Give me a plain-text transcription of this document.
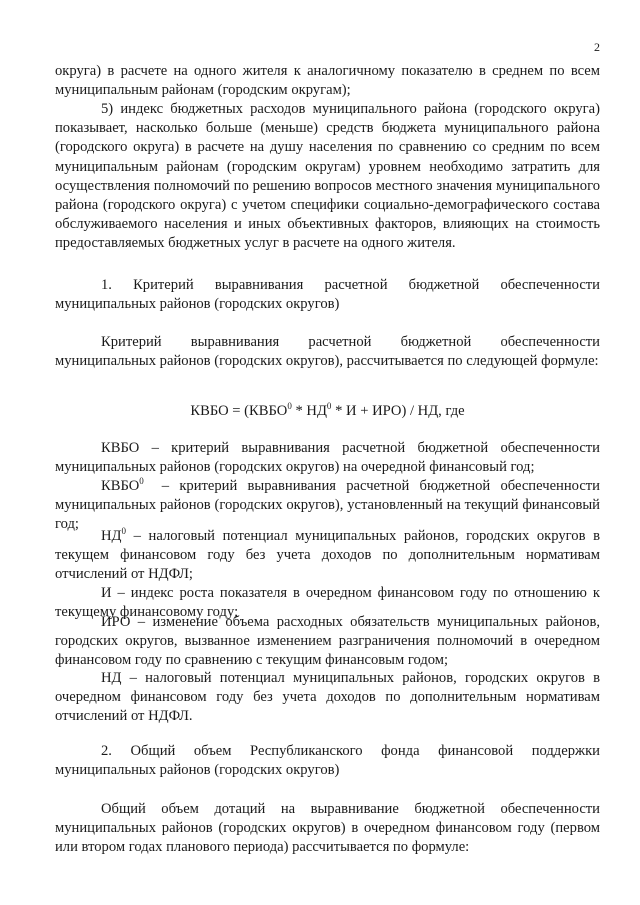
2

округа) в расчете на одного жителя к аналогичному показателю в среднем по всем муниципальным районам (городским округам);

5) индекс бюджетных расходов муниципального района (городского округа) показывает, насколько больше (меньше) средств бюджета муниципального района (городского округа) в расчете на душу населения по сравнению со средним по всем муниципальным районам (городским округам) уровнем необходимо затратить для осуществления полномочий по решению вопросов местного значения муниципального района (городского округа) с учетом специфики социально-демографического состава обслуживаемого населения и иных объективных факторов, влияющих на стоимость предоставляемых бюджетных услуг в расчете на одного жителя.

1. Критерий выравнивания расчетной бюджетной обеспеченности муниципальных районов (городских округов)

Критерий выравнивания расчетной бюджетной обеспеченности муниципальных районов (городских округов), рассчитывается по следующей формуле:

КВБО = $(КВБО^0 * НД^0 * И + ИРО)$ / НД, где

КВБО – критерий выравнивания расчетной бюджетной обеспеченности муниципальных районов (городских округов) на очередной финансовый год;

КВБО$^0$ – критерий выравнивания расчетной бюджетной обеспеченности муниципальных районов (городских округов), установленный на текущий финансовый год;

$НД^0$ – налоговый потенциал муниципальных районов, городских округов в текущем финансовом году без учета доходов по дополнительным нормативам отчислений от НДФЛ;

И – индекс роста показателя в очередном финансовом году по отношению к текущему финансовому году;

ИРО – изменение объема расходных обязательств муниципальных районов, городских округов, вызванное изменением разграничения полномочий в очередном финансовом году по сравнению с текущим финансовым годом;

НД – налоговый потенциал муниципальных районов, городских округов в очередном финансовом году без учета доходов по дополнительным нормативам отчислений от НДФЛ.

2. Общий объем Республиканского фонда финансовой поддержки муниципальных районов (городских округов)

Общий объем дотаций на выравнивание бюджетной обеспеченности муниципальных районов (городских округов) в очередном финансовом году (первом или втором годах планового периода) рассчитывается по формуле:
